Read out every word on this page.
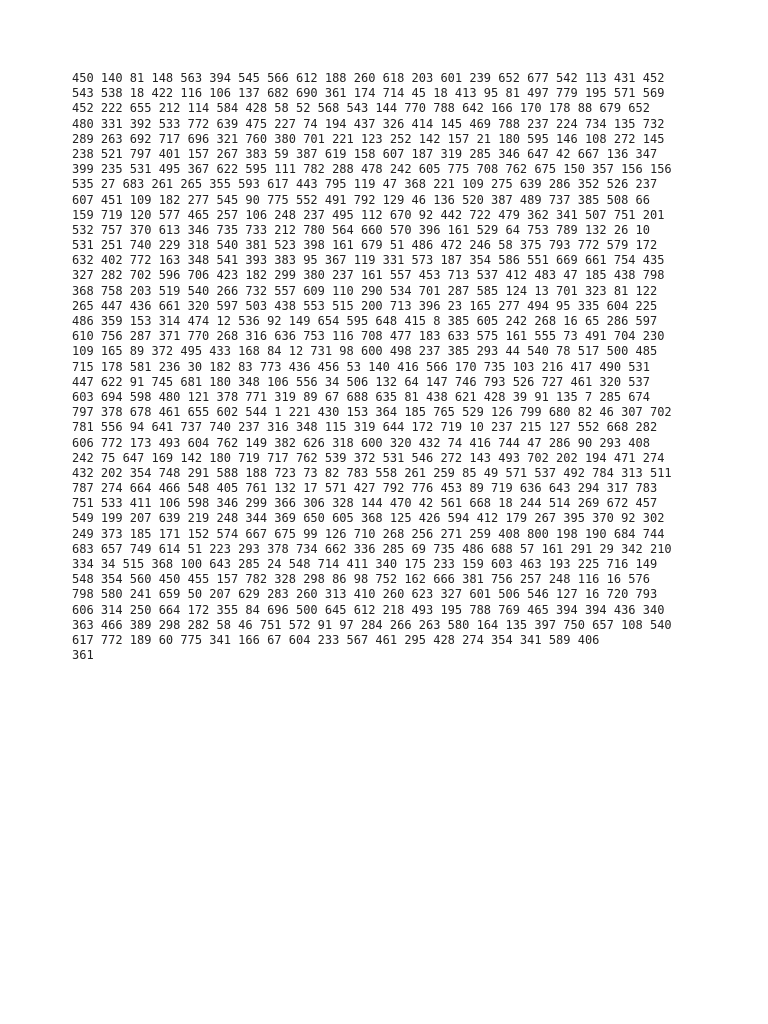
450 140 81 148 563 394 545 566 612 188 260 618 203 601 239 652 677 542 113 431 452
543 538 18 422 116 106 137 682 690 361 174 714 45 18 413 95 81 497 779 195 571 569
452 222 655 212 114 584 428 58 52 568 543 144 770 788 642 166 170 178 88 679 652
480 331 392 533 772 639 475 227 74 194 437 326 414 145 469 788 237 224 734 135 732
289 263 692 717 696 321 760 380 701 221 123 252 142 157 21 180 595 146 108 272 145
238 521 797 401 157 267 383 59 387 619 158 607 187 319 285 346 647 42 667 136 347
399 235 531 495 367 622 595 111 782 288 478 242 605 775 708 762 675 150 357 156 156
535 27 683 261 265 355 593 617 443 795 119 47 368 221 109 275 639 286 352 526 237
607 451 109 182 277 545 90 775 552 491 792 129 46 136 520 387 489 737 385 508 66
159 719 120 577 465 257 106 248 237 495 112 670 92 442 722 479 362 341 507 751 201
532 757 370 613 346 735 733 212 780 564 660 570 396 161 529 64 753 789 132 26 10
531 251 740 229 318 540 381 523 398 161 679 51 486 472 246 58 375 793 772 579 172
632 402 772 163 348 541 393 383 95 367 119 331 573 187 354 586 551 669 661 754 435
327 282 702 596 706 423 182 299 380 237 161 557 453 713 537 412 483 47 185 438 798
368 758 203 519 540 266 732 557 609 110 290 534 701 287 585 124 13 701 323 81 122
265 447 436 661 320 597 503 438 553 515 200 713 396 23 165 277 494 95 335 604 225
486 359 153 314 474 12 536 92 149 654 595 648 415 8 385 605 242 268 16 65 286 597
610 756 287 371 770 268 316 636 753 116 708 477 183 633 575 161 555 73 491 704 230
109 165 89 372 495 433 168 84 12 731 98 600 498 237 385 293 44 540 78 517 500 485
715 178 581 236 30 182 83 773 436 456 53 140 416 566 170 735 103 216 417 490 531
447 622 91 745 681 180 348 106 556 34 506 132 64 147 746 793 526 727 461 320 537
603 694 598 480 121 378 771 319 89 67 688 635 81 438 621 428 39 91 135 7 285 674
797 378 678 461 655 602 544 1 221 430 153 364 185 765 529 126 799 680 82 46 307 702
781 556 94 641 737 740 237 316 348 115 319 644 172 719 10 237 215 127 552 668 282
606 772 173 493 604 762 149 382 626 318 600 320 432 74 416 744 47 286 90 293 408
242 75 647 169 142 180 719 717 762 539 372 531 546 272 143 493 702 202 194 471 274
432 202 354 748 291 588 188 723 73 82 783 558 261 259 85 49 571 537 492 784 313 511
787 274 664 466 548 405 761 132 17 571 427 792 776 453 89 719 636 643 294 317 783
751 533 411 106 598 346 299 366 306 328 144 470 42 561 668 18 244 514 269 672 457
549 199 207 639 219 248 344 369 650 605 368 125 426 594 412 179 267 395 370 92 302
249 373 185 171 152 574 667 675 99 126 710 268 256 271 259 408 800 198 190 684 744
683 657 749 614 51 223 293 378 734 662 336 285 69 735 486 688 57 161 291 29 342 210
334 34 515 368 100 643 285 24 548 714 411 340 175 233 159 603 463 193 225 716 149
548 354 560 450 455 157 782 328 298 86 98 752 162 666 381 756 257 248 116 16 576
798 580 241 659 50 207 629 283 260 313 410 260 623 327 601 506 546 127 16 720 793
606 314 250 664 172 355 84 696 500 645 612 218 493 195 788 769 465 394 394 436 340
363 466 389 298 282 58 46 751 572 91 97 284 266 263 580 164 135 397 750 657 108 540
617 772 189 60 775 341 166 67 604 233 567 461 295 428 274 354 341 589 406
361
